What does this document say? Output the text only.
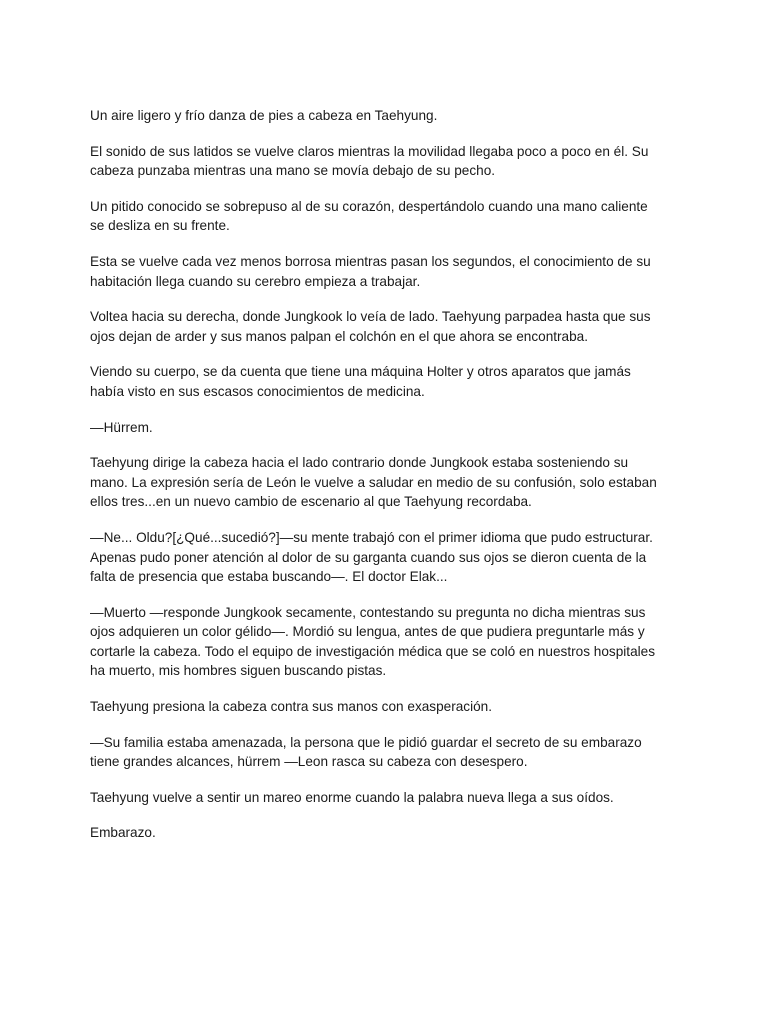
Un aire ligero y frío danza de pies a cabeza en Taehyung.

El sonido de sus latidos se vuelve claros mientras la movilidad llegaba poco a poco en él. Su cabeza punzaba mientras una mano se movía debajo de su pecho.

Un pitido conocido se sobrepuso al de su corazón, despertándolo cuando una mano caliente se desliza en su frente.

Esta se vuelve cada vez menos borrosa mientras pasan los segundos, el conocimiento de su habitación llega cuando su cerebro empieza a trabajar.

Voltea hacia su derecha, donde Jungkook lo veía de lado. Taehyung parpadea hasta que sus ojos dejan de arder y sus manos palpan el colchón en el que ahora se encontraba.

Viendo su cuerpo, se da cuenta que tiene una máquina Holter y otros aparatos que jamás había visto en sus escasos conocimientos de medicina.

—Hürrem.

Taehyung dirige la cabeza hacia el lado contrario donde Jungkook estaba sosteniendo su mano. La expresión sería de León le vuelve a saludar en medio de su confusión, solo estaban ellos tres...en un nuevo cambio de escenario al que Taehyung recordaba.

—Ne... Oldu?[¿Qué...sucedió?]—su mente trabajó con el primer idioma que pudo estructurar. Apenas pudo poner atención al dolor de su garganta cuando sus ojos se dieron cuenta de la falta de presencia que estaba buscando—. El doctor Elak...

—Muerto —responde Jungkook secamente, contestando su pregunta no dicha mientras sus ojos adquieren un color gélido—. Mordió su lengua, antes de que pudiera preguntarle más y cortarle la cabeza. Todo el equipo de investigación médica que se coló en nuestros hospitales ha muerto, mis hombres siguen buscando pistas.

Taehyung presiona la cabeza contra sus manos con exasperación.

—Su familia estaba amenazada, la persona que le pidió guardar el secreto de su embarazo tiene grandes alcances, hürrem —Leon rasca su cabeza con desespero.

Taehyung vuelve a sentir un mareo enorme cuando la palabra nueva llega a sus oídos.

Embarazo.
